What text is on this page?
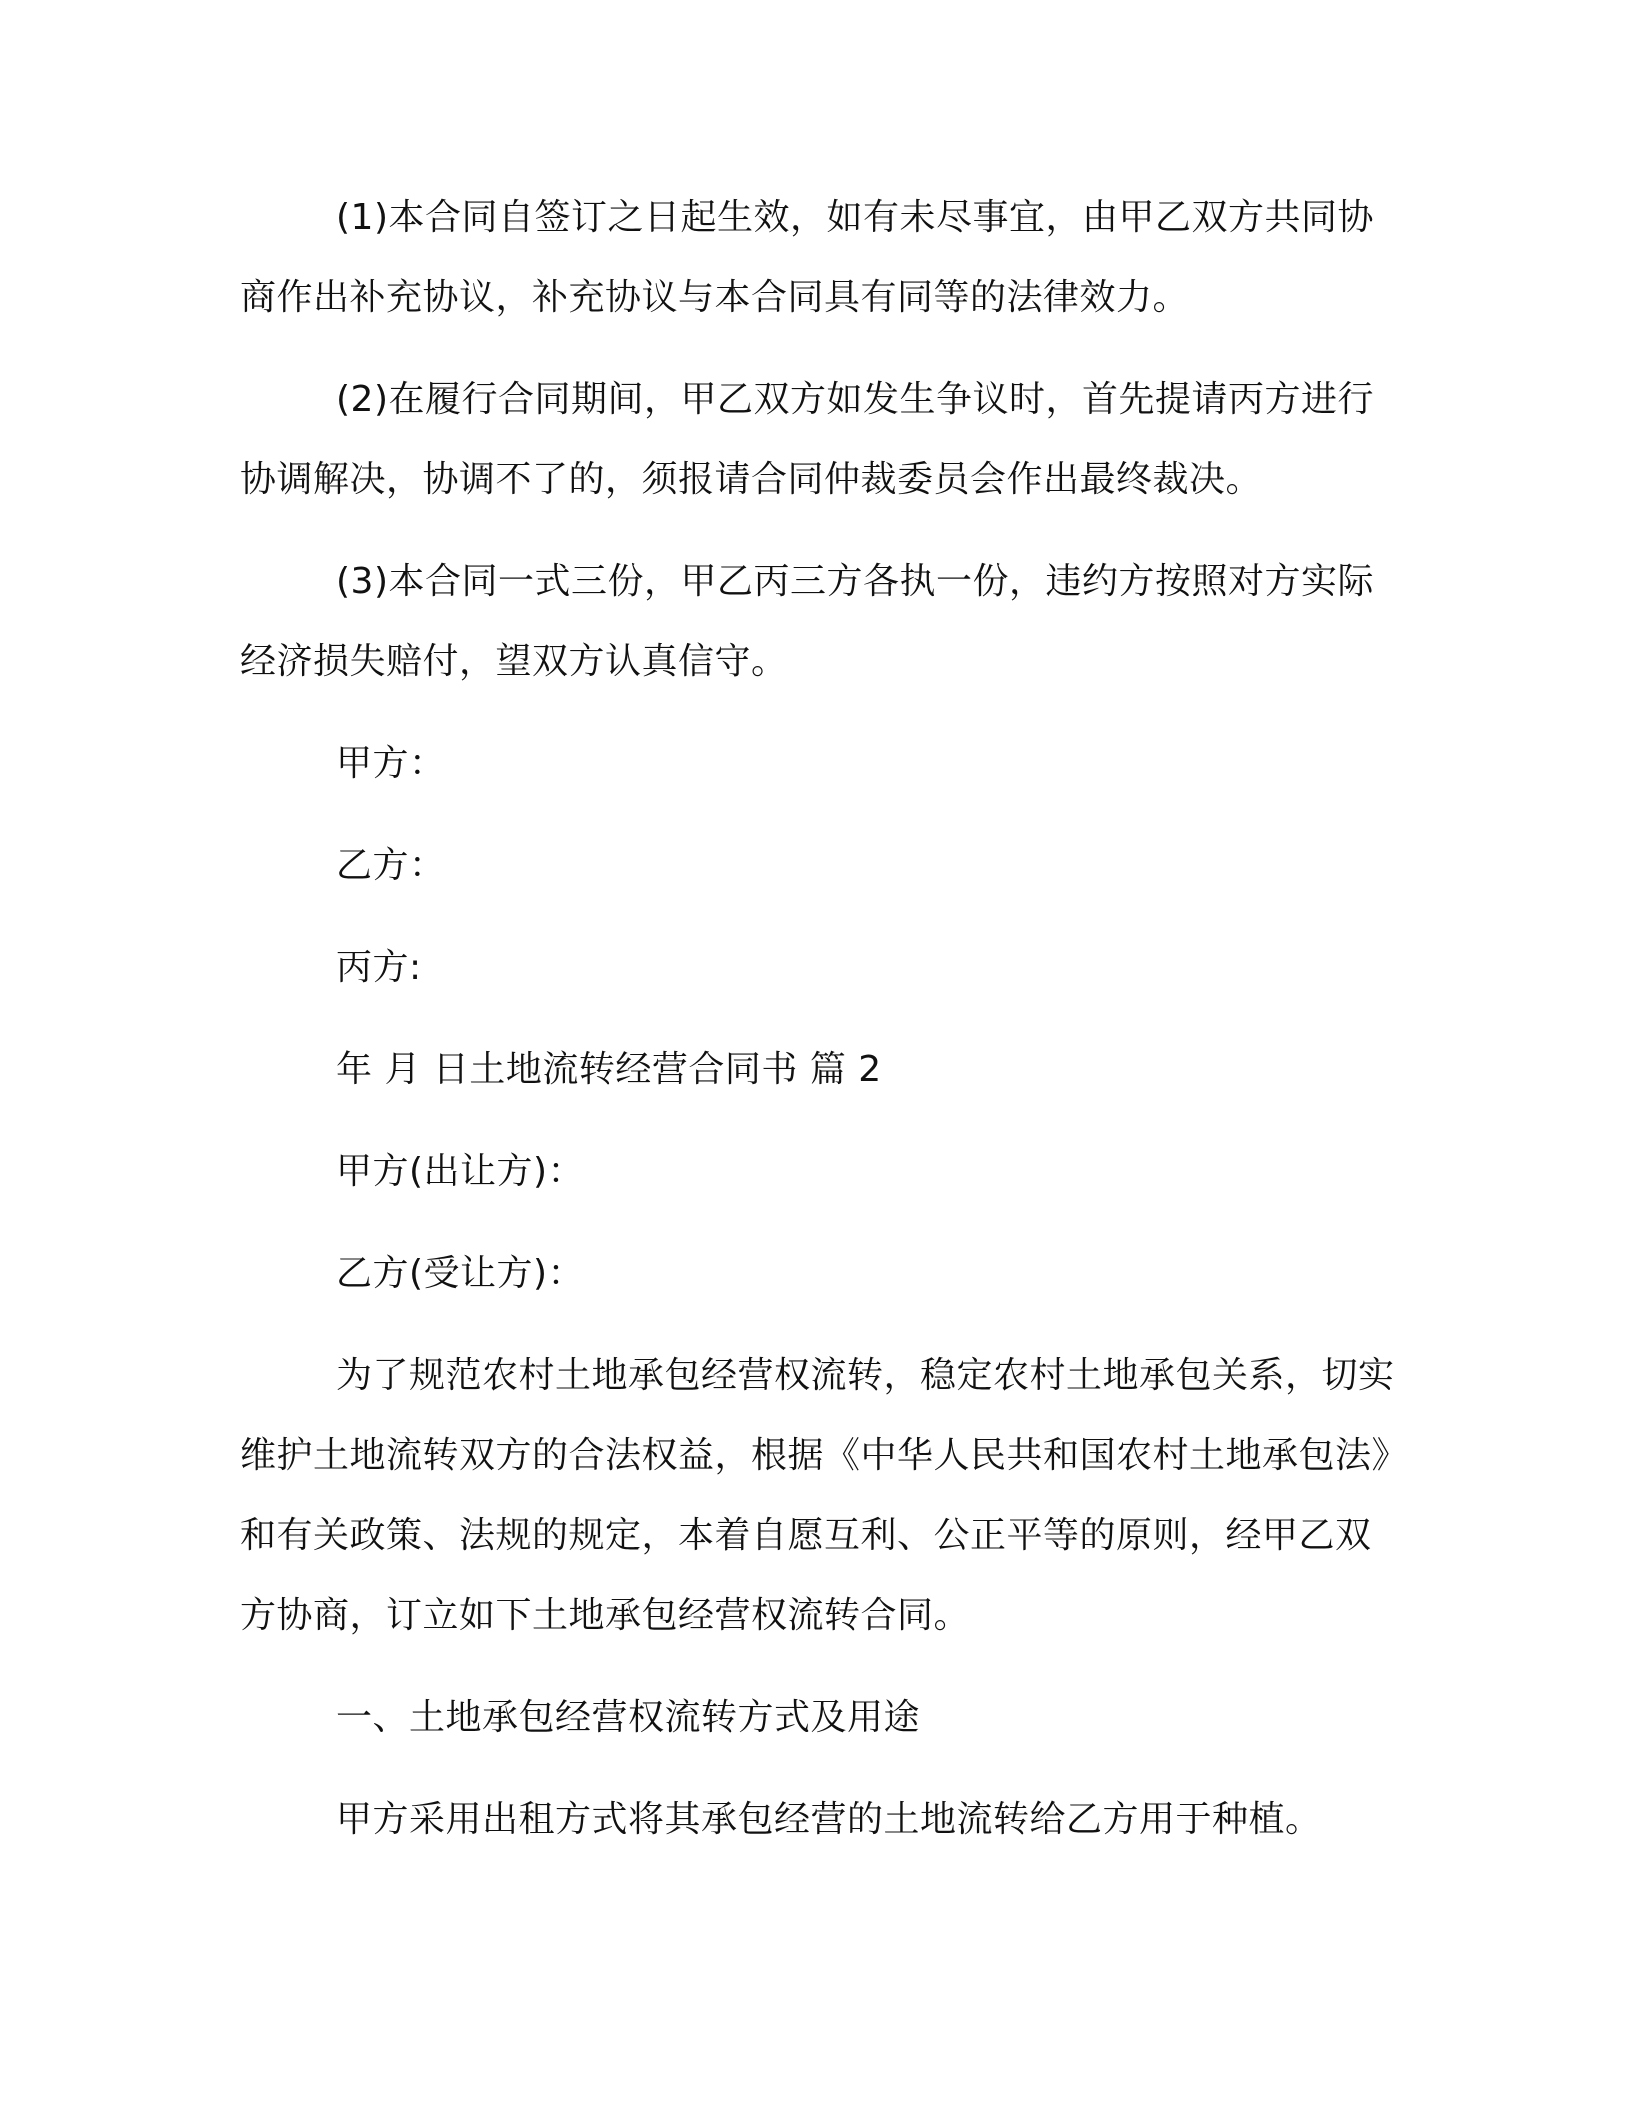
(1)本合同自签订之日起生效，如有未尽事宜，由甲乙双方共同协商作出补充协议，补充协议与本合同具有同等的法律效力。

(2)在履行合同期间，甲乙双方如发生争议时，首先提请丙方进行协调解决，协调不了的，须报请合同仲裁委员会作出最终裁决。

(3)本合同一式三份，甲乙丙三方各执一份，违约方按照对方实际经济损失赔付，望双方认真信守。

甲方：

乙方：

丙方:

年 月 日土地流转经营合同书 篇 2

甲方(出让方)：

乙方(受让方)：

为了规范农村土地承包经营权流转，稳定农村土地承包关系，切实维护土地流转双方的合法权益，根据《中华人民共和国农村土地承包法》和有关政策、法规的规定，本着自愿互利、公正平等的原则，经甲乙双方协商，订立如下土地承包经营权流转合同。

一、土地承包经营权流转方式及用途

甲方采用出租方式将其承包经营的土地流转给乙方用于种植。
